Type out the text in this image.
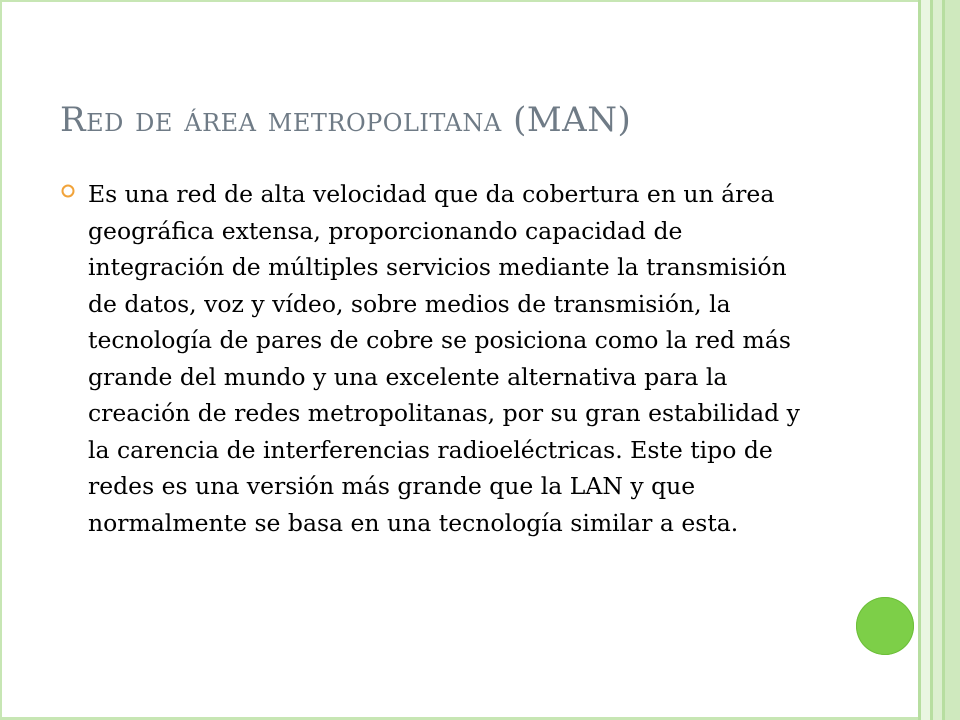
Red de área metropolitana (MAN)

Es una red de alta velocidad que da cobertura en un área geográfica extensa, proporcionando capacidad de integración de múltiples servicios mediante la transmisión de datos, voz y vídeo, sobre medios de transmisión, la tecnología de pares de cobre se posiciona como la red más grande del mundo y una excelente alternativa para la creación de redes metropolitanas, por su gran estabilidad y la carencia de interferencias radioeléctricas. Este tipo de redes es una versión más grande que la LAN y que normalmente se basa en una tecnología similar a esta.
